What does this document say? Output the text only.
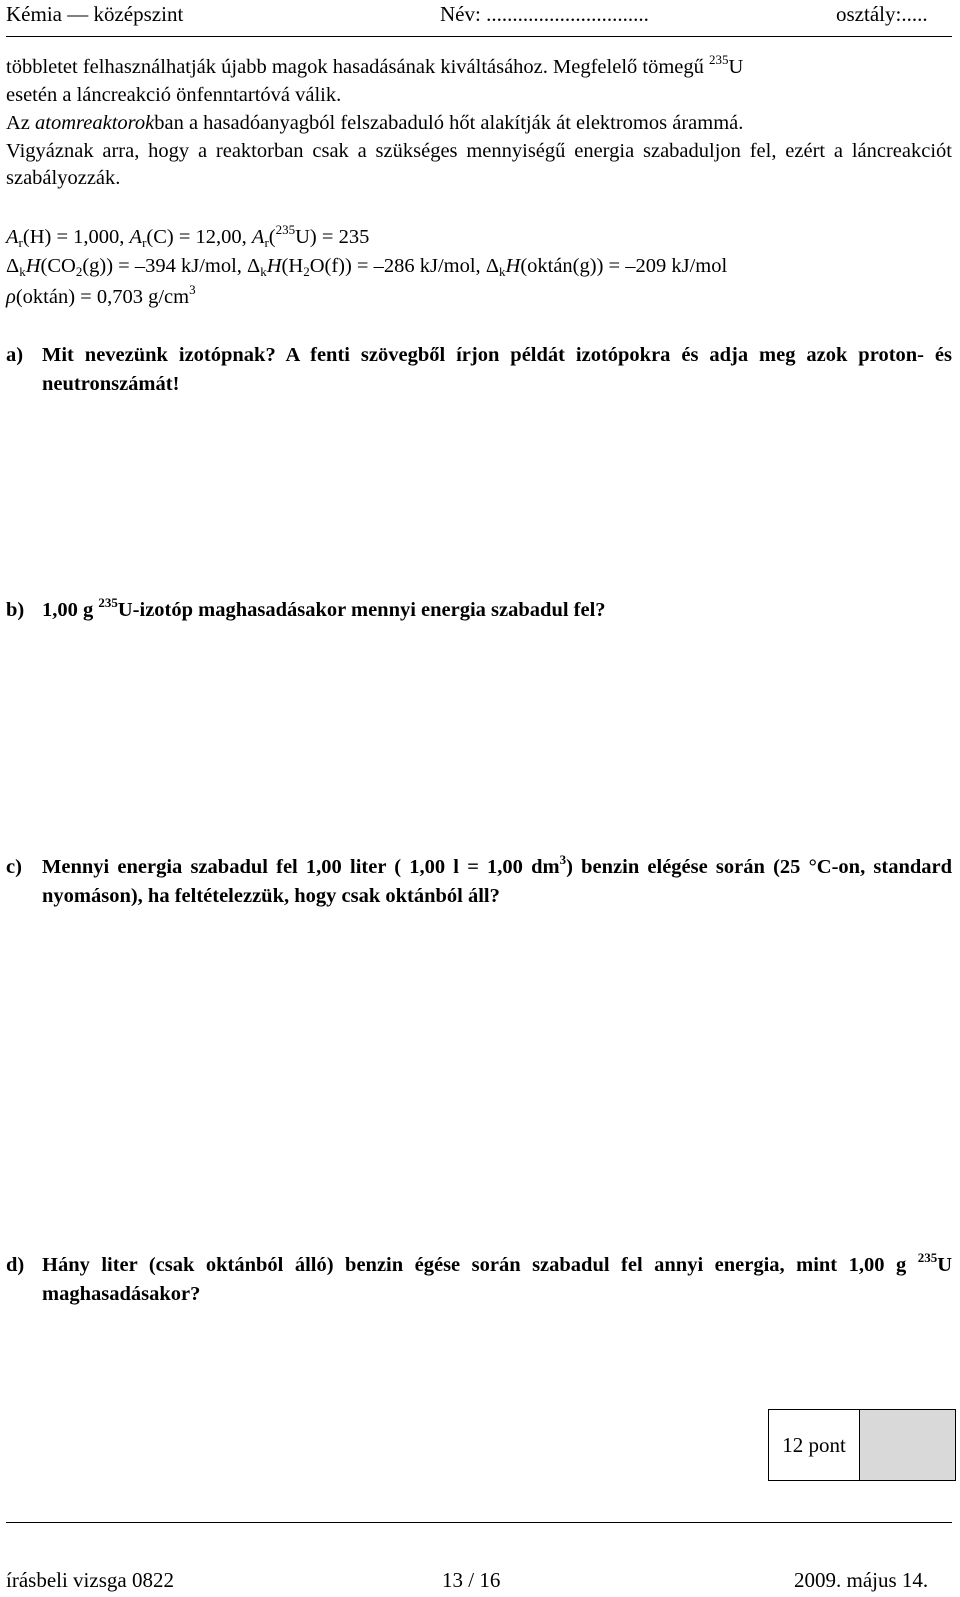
Kémia — középszint	Név: ...............................	osztály:.....
többletet felhasználhatják újabb magok hasadásának kiváltásához. Megfelelő tömegű $^{235}$U
esetén a láncreakció önfenntartóvá válik.
Az atomreaktorokban a hasadóanyagból felszabaduló hőt alakítják át elektromos árammá.
Vigyáznak arra, hogy a reaktorban csak a szükséges mennyiségű energia szabaduljon fel, ezért a láncreakciót szabályozzák.
$A_r(H) = 1,000$, $A_r(C) = 12,00$, $A_r(^{235}U) = 235$
$\Delta_kH(CO_2(g)) = -394$ kJ/mol, $\Delta_kH(H_2O(f)) = -286$ kJ/mol, $\Delta_kH(oktán(g)) = -209$ kJ/mol
ρ(oktán) = 0,703 $g/cm^3$
a) Mit nevezünk izotópnak? A fenti szövegből írjon példát izotópokra és adja meg azok proton- és neutronszámát!
b) 1,00 g $^{235}$U-izotóp maghasadásakor mennyi energia szabadul fel?
c) Mennyi energia szabadul fel 1,00 liter ( 1,00 l = 1,00 $dm^3$) benzin elégése során (25 °C-on, standard nyomáson), ha feltételezzük, hogy csak oktánból áll?
d) Hány liter (csak oktánból álló) benzin égése során szabadul fel annyi energia, mint 1,00 g $^{235}$U maghasadásakor?
12 pont
írásbeli vizsga 0822	13 / 16	2009. május 14.
